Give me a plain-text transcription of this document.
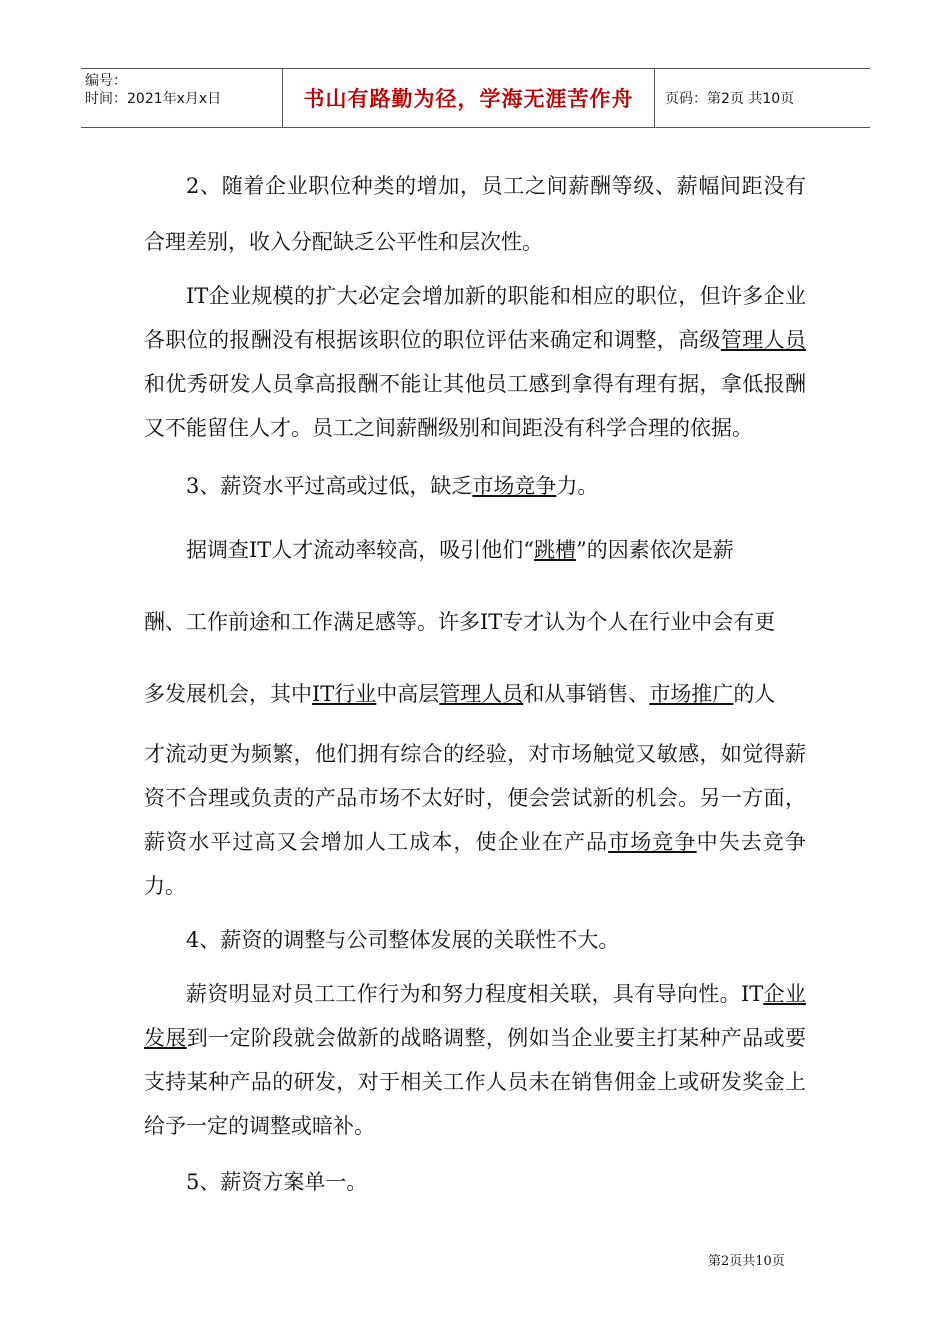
编号：
时间：2021年x月x日	书山有路勤为径，学海无涯苦作舟	页码：第2页 共10页

2、随着企业职位种类的增加，员工之间薪酬等级、薪幅间距没有合理差别，收入分配缺乏公平性和层次性。

IT企业规模的扩大必定会增加新的职能和相应的职位，但许多企业各职位的报酬没有根据该职位的职位评估来确定和调整，高级管理人员和优秀研发人员拿高报酬不能让其他员工感到拿得有理有据，拿低报酬又不能留住人才。员工之间薪酬级别和间距没有科学合理的依据。

3、薪资水平过高或过低，缺乏市场竞争力。

据调查IT人才流动率较高，吸引他们“跳槽”的因素依次是薪
酬、工作前途和工作满足感等。许多IT专才认为个人在行业中会有更
多发展机会，其中IT行业中高层管理人员和从事销售、市场推广的人

才流动更为频繁，他们拥有综合的经验，对市场触觉又敏感，如觉得薪资不合理或负责的产品市场不太好时，便会尝试新的机会。另一方面，薪资水平过高又会增加人工成本，使企业在产品市场竞争中失去竞争力。

4、薪资的调整与公司整体发展的关联性不大。

薪资明显对员工工作行为和努力程度相关联，具有导向性。IT企业发展到一定阶段就会做新的战略调整，例如当企业要主打某种产品或要支持某种产品的研发，对于相关工作人员未在销售佣金上或研发奖金上给予一定的调整或暗补。

5、薪资方案单一。

第2页共10页
